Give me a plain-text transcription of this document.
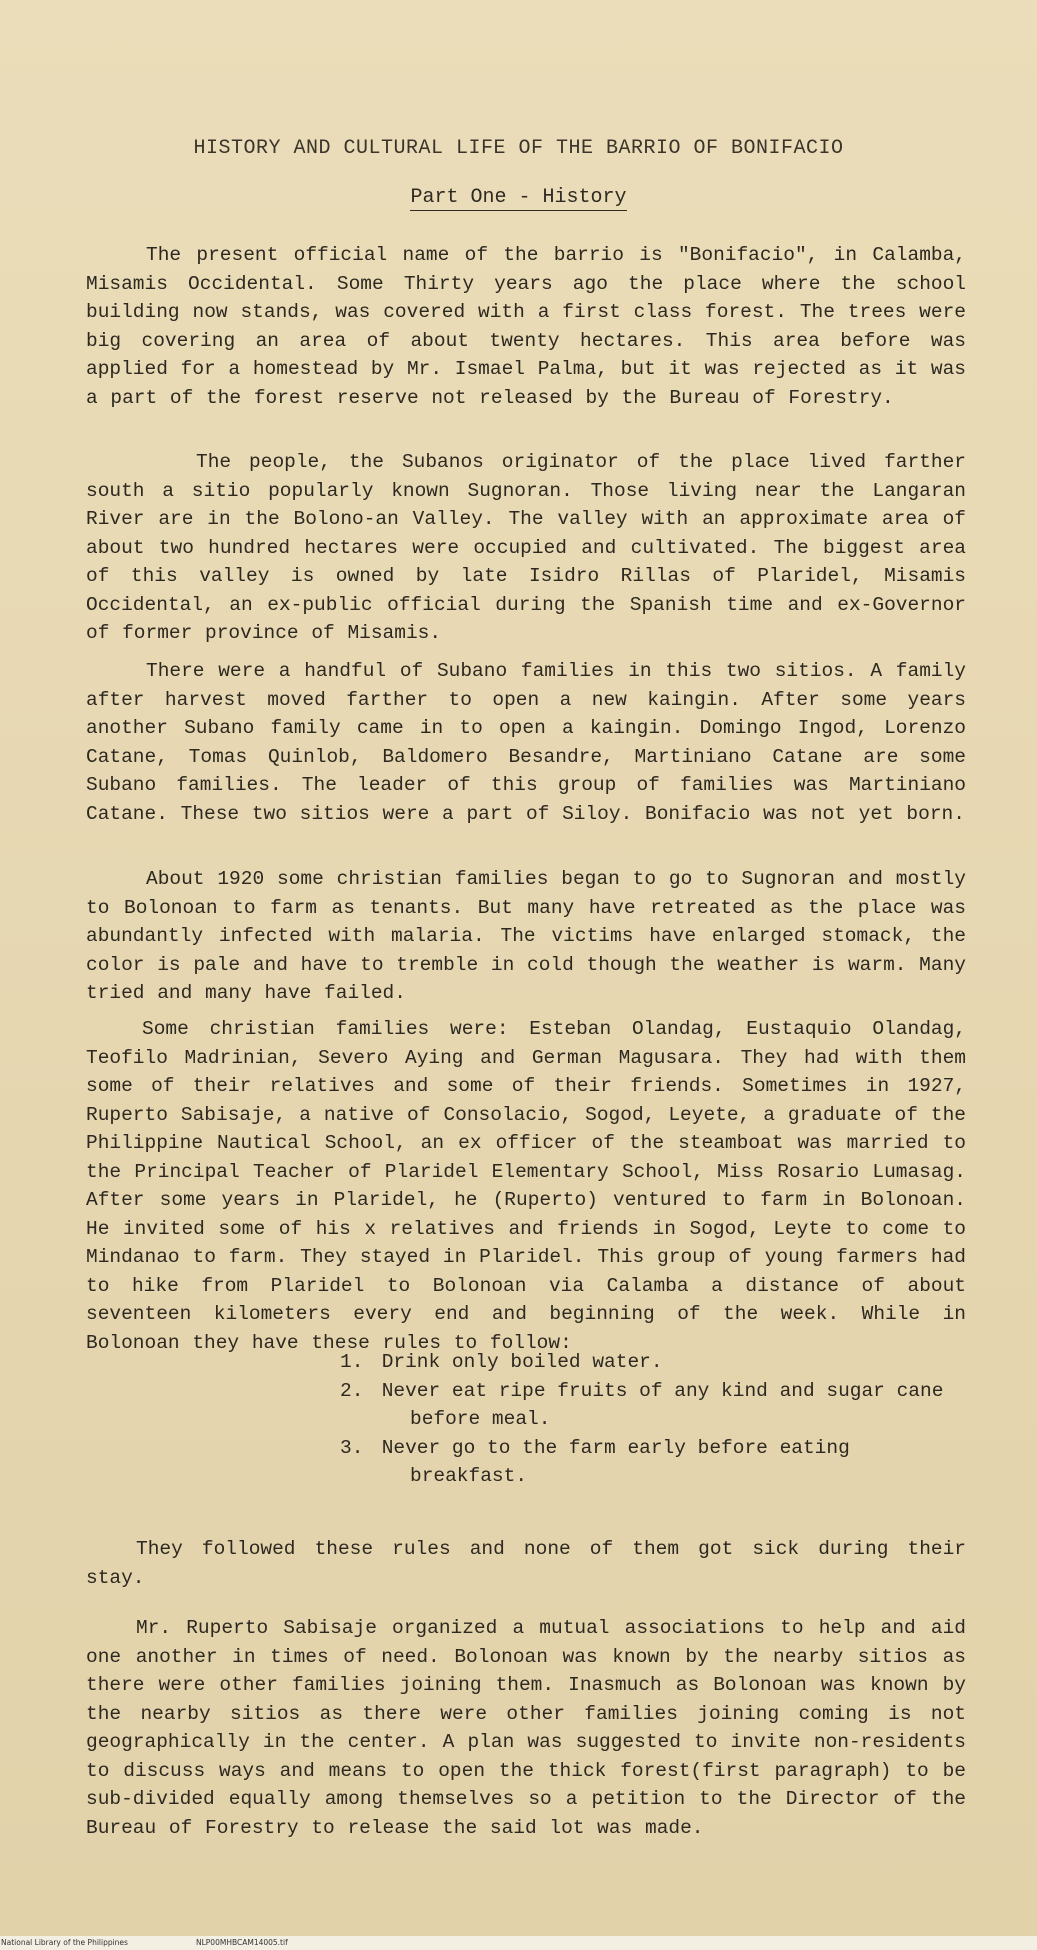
HISTORY AND CULTURAL LIFE OF THE BARRIO OF BONIFACIO
Part One - History

The present official name of the barrio is "Bonifacio", in Calamba, Misamis Occidental. Some Thirty years ago the place where the school building now stands, was covered with a first class forest. The trees were big covering an area of about twenty hectares. This area before was applied for a homestead by Mr. Ismael Palma, but it was rejected as it was a part of the forest reserve not released by the Bureau of Forestry.

The people, the Subanos originator of the place lived farther south a sitio popularly known Sugnoran. Those living near the Langaran River are in the Bolono-an Valley. The valley with an approximate area of about two hundred hectares were occupied and cultivated. The biggest area of this valley is owned by late Isidro Rillas of Plaridel, Misamis Occidental, an ex-public official during the Spanish time and ex-Governor of former province of Misamis.

There were a handful of Subano families in this two sitios. A family after harvest moved farther to open a new kaingin. After some years another Subano family came in to open a kaingin. Domingo Ingod, Lorenzo Catane, Tomas Quinlob, Baldomero Besandre, Martiniano Catane are some Subano families. The leader of this group of families was Martiniano Catane. These two sitios were a part of Siloy. Bonifacio was not yet born.

About 1920 some christian families began to go to Sugnoran and mostly to Bolonoan to farm as tenants. But many have retreated as the place was abundantly infected with malaria. The victims have enlarged stomack, the color is pale and have to tremble in cold though the weather is warm. Many tried and many have failed.

Some christian families were: Esteban Olandag, Eustaquio Olandag, Teofilo Madrinian, Severo Aying and German Magusara. They had with them some of their relatives and some of their friends. Sometimes in 1927, Ruperto Sabisaje, a native of Consolacio, Sogod, Leyete, a graduate of the Philippine Nautical School, an ex officer of the steamboat was married to the Principal Teacher of Plaridel Elementary School, Miss Rosario Lumasag. After some years in Plaridel, he (Ruperto) ventured to farm in Bolonoan. He invited some of his x relatives and friends in Sogod, Leyte to come to Mindanao to farm. They stayed in Plaridel. This group of young farmers had to hike from Plaridel to Bolonoan via Calamba a distance of about seventeen kilometers every end and beginning of the week. While in Bolonoan they have these rules to follow:

1. Drink only boiled water.
2. Never eat ripe fruits of any kind and sugar cane before meal.
3. Never go to the farm early before eating breakfast.

They followed these rules and none of them got sick during their stay.

Mr. Ruperto Sabisaje organized a mutual associations to help and aid one another in times of need. Bolonoan was known by the nearby sitios as there were other families joining them. Inasmuch as Bolonoan was known by the nearby sitios as there were other families joining coming is not geographically in the center. A plan was suggested to invite non-residents to discuss ways and means to open the thick forest(first paragraph) to be sub-divided equally among themselves so a petition to the Director of the Bureau of Forestry to release the said lot was made.

National Library of the Philippines	NLP00MHBCAM14005.tif
